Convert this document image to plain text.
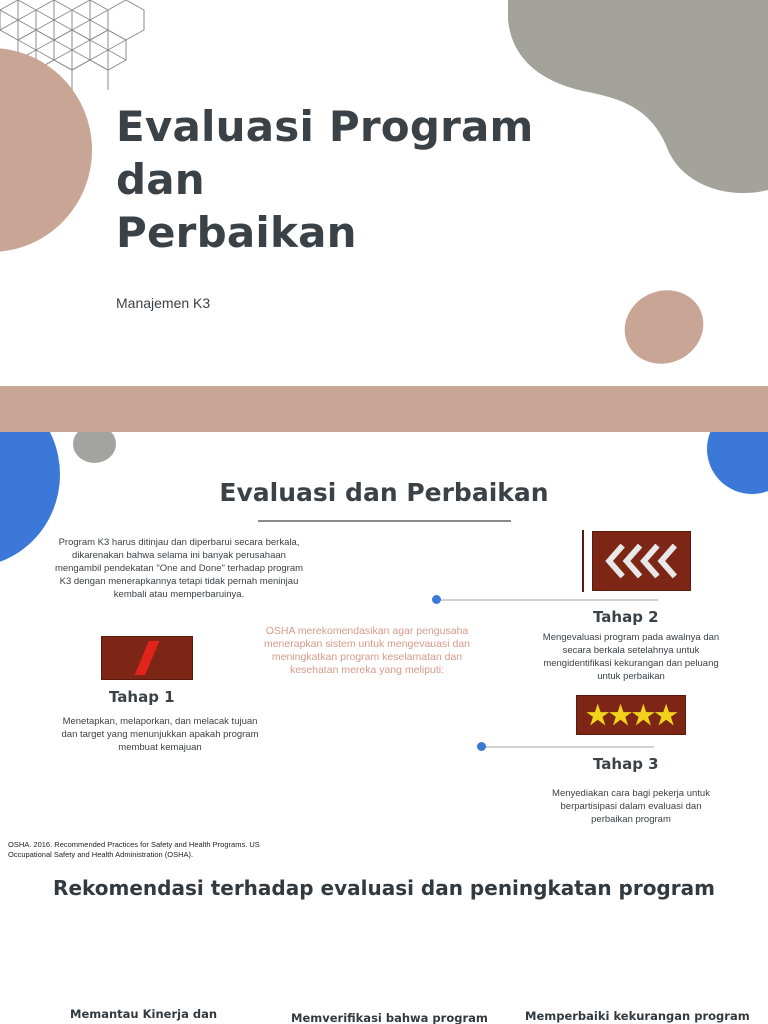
Evaluasi Program
dan
Perbaikan
Manajemen K3
Evaluasi dan Perbaikan

Program K3 harus ditinjau dan diperbarui secara berkala, dikarenakan bahwa selama ini banyak perusahaan mengambil pendekatan "One and Done" terhadap program K3 dengan menerapkannya tetapi tidak pernah meninjau kembali atau memperbaruinya.

OSHA merekomendasikan agar pengusaha menerapkan sistem untuk mengevauasi dan meningkatkan program keselamatan dan kesehatan mereka yang meliputi:

Tahap 1

Menetapkan, melaporkan, dan melacak tujuan dan target yang menunjukkan apakah program membuat kemajuan

Tahap 2

Mengevaluasi program pada awalnya dan secara berkala setelahnya untuk mengidentifikasi kekurangan dan peluang untuk perbaikan

Tahap 3

Menyediakan cara bagi pekerja untuk berpartisipasi dalam evaluasi dan perbaikan program

OSHA. 2016. Recommended Practices for Safety and Health Programs. US Occupational Safety and Health Administration (OSHA).

Rekomendasi terhadap evaluasi dan peningkatan program
Memantau Kinerja dan	Memverifikasi bahwa program	Memperbaiki kekurangan program
